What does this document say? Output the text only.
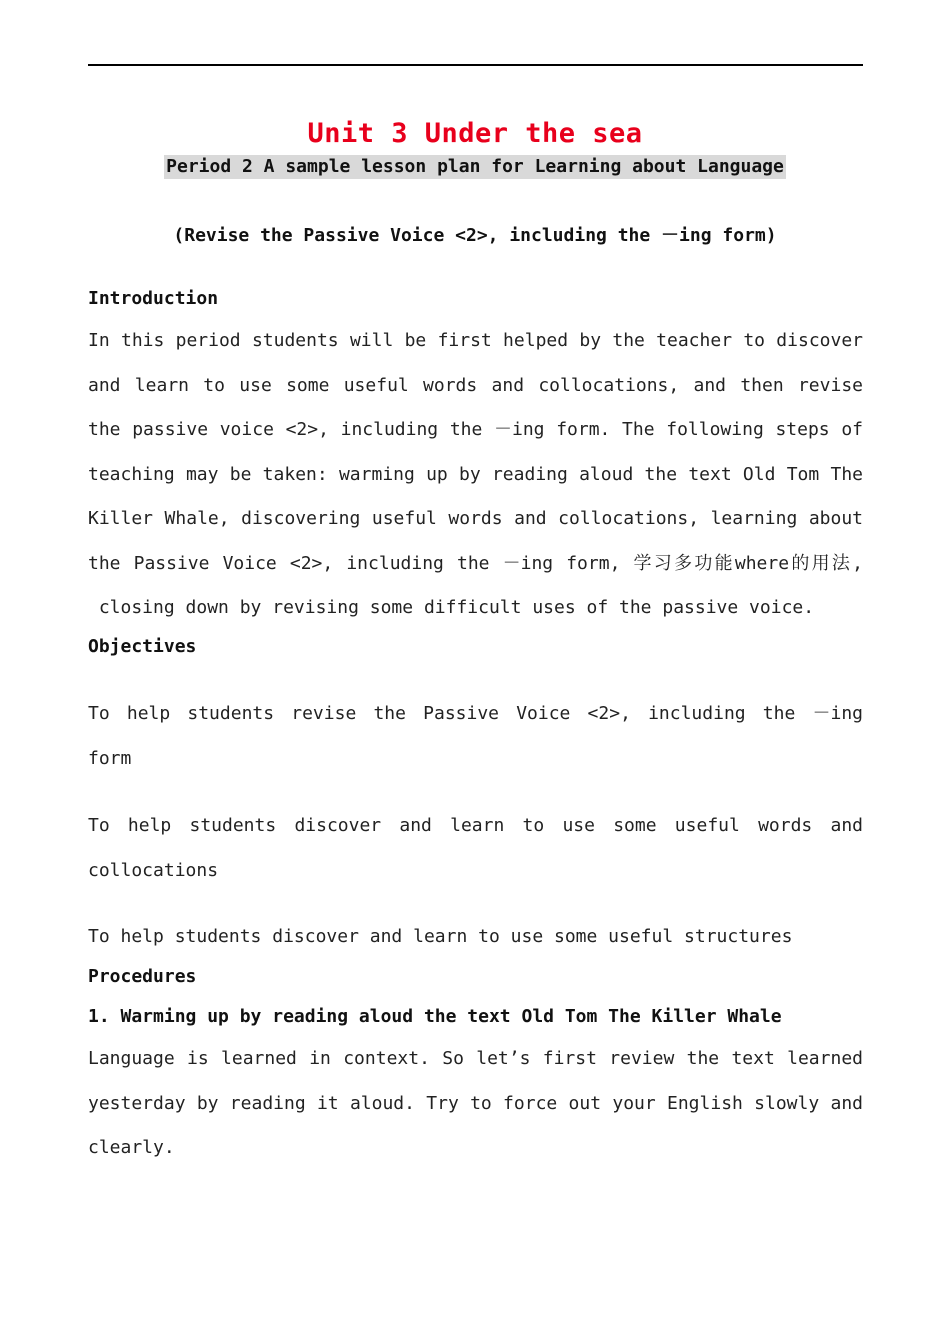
Unit 3 Under the sea
Period 2 A sample lesson plan for Learning about Language
(Revise the Passive Voice <2>, including the －ing form)
Introduction
In this period students will be first helped by the teacher to discover
and learn to use some useful words and collocations, and then revise
the passive voice <2>, including the －ing form. The following steps of
teaching may be taken: warming up by reading aloud the text Old Tom The
Killer Whale, discovering useful words and collocations, learning about
the Passive Voice <2>, including the －ing form, 学习多功能where的用法,
closing down by revising some difficult uses of the passive voice.
Objectives
To help students revise the Passive Voice <2>, including the －ing
form
To help students discover and learn to use some useful words and
collocations
To help students discover and learn to use some useful structures
Procedures
1. Warming up by reading aloud the text Old Tom The Killer Whale
Language is learned in context. So let’s first review the text learned
yesterday by reading it aloud. Try to force out your English slowly and
clearly.
